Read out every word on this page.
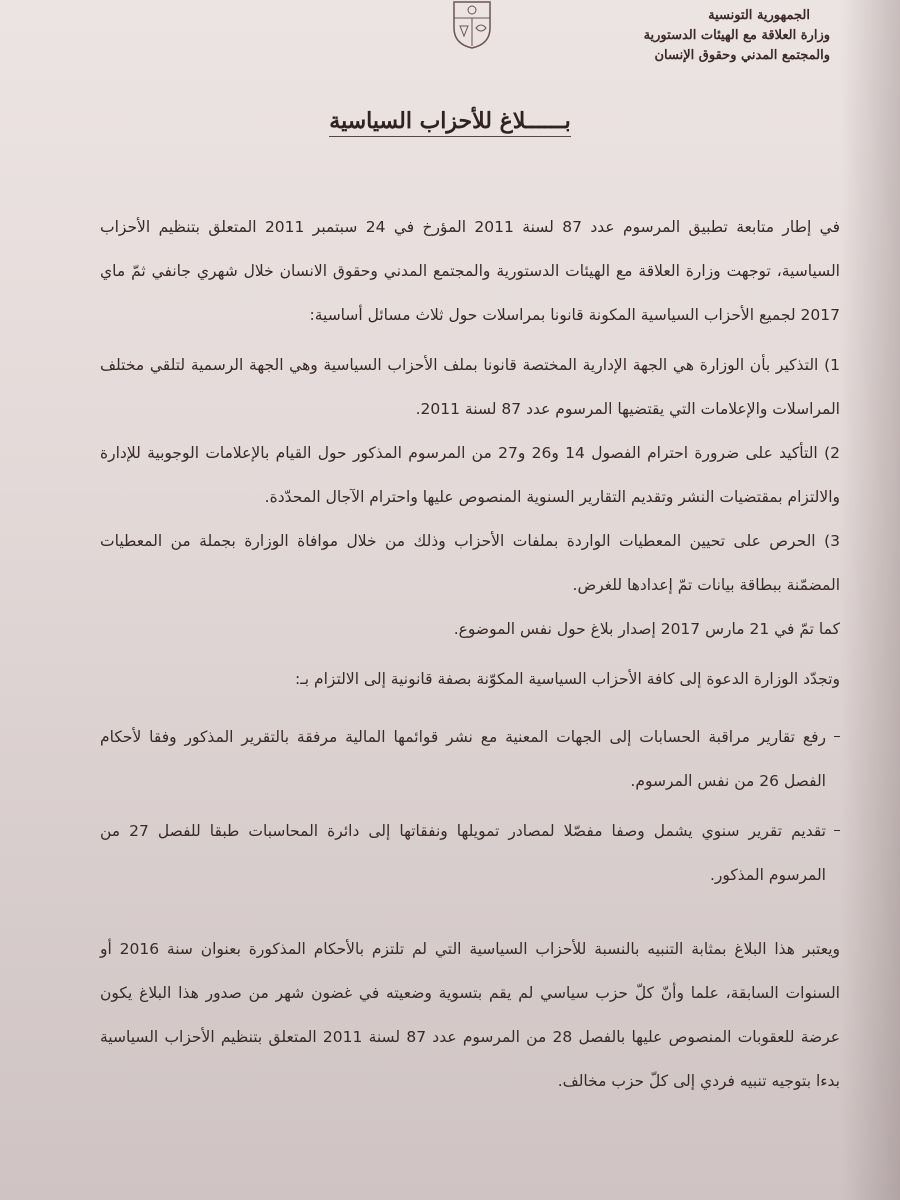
الجمهورية التونسية
وزارة العلاقة مع الهيئات الدستورية
والمجتمع المدني وحقوق الإنسان
بــــــلاغ للأحزاب السياسية

في إطار متابعة تطبيق المرسوم عدد 87 لسنة 2011 المؤرخ في 24 سبتمبر 2011 المتعلق بتنظيم الأحزاب السياسية، توجهت وزارة العلاقة مع الهيئات الدستورية والمجتمع المدني وحقوق الانسان خلال شهري جانفي ثمّ ماي 2017 لجميع الأحزاب السياسية المكونة قانونا بمراسلات حول ثلاث مسائل أساسية:

1) التذكير بأن الوزارة هي الجهة الإدارية المختصة قانونا بملف الأحزاب السياسية وهي الجهة الرسمية لتلقي مختلف المراسلات والإعلامات التي يقتضيها المرسوم عدد 87 لسنة 2011.

2) التأكيد على ضرورة احترام الفصول 14 و26 و27 من المرسوم المذكور حول القيام بالإعلامات الوجوبية للإدارة والالتزام بمقتضيات النشر وتقديم التقارير السنوية المنصوص عليها واحترام الآجال المحدّدة.

3) الحرص على تحيين المعطيات الواردة بملفات الأحزاب وذلك من خلال موافاة الوزارة بجملة من المعطيات المضمّنة ببطاقة بيانات تمّ إعدادها للغرض.

كما تمّ في 21 مارس 2017 إصدار بلاغ حول نفس الموضوع.

وتجدّد الوزارة الدعوة إلى كافة الأحزاب السياسية المكوّنة بصفة قانونية إلى الالتزام بـ:

رفع تقارير مراقبة الحسابات إلى الجهات المعنية مع نشر قوائمها المالية مرفقة بالتقرير المذكور وفقا لأحكام الفصل 26 من نفس المرسوم.

تقديم تقرير سنوي يشمل وصفا مفصّلا لمصادر تمويلها ونفقاتها إلى دائرة المحاسبات طبقا للفصل 27 من المرسوم المذكور.

ويعتبر هذا البلاغ بمثابة التنبيه بالنسبة للأحزاب السياسية التي لم تلتزم بالأحكام المذكورة بعنوان سنة 2016 أو السنوات السابقة، علما وأنّ كلّ حزب سياسي لم يقم بتسوية وضعيته في غضون شهر من صدور هذا البلاغ يكون عرضة للعقوبات المنصوص عليها بالفصل 28 من المرسوم عدد 87 لسنة 2011 المتعلق بتنظيم الأحزاب السياسية بدءا بتوجيه تنبيه فردي إلى كلّ حزب مخالف.
